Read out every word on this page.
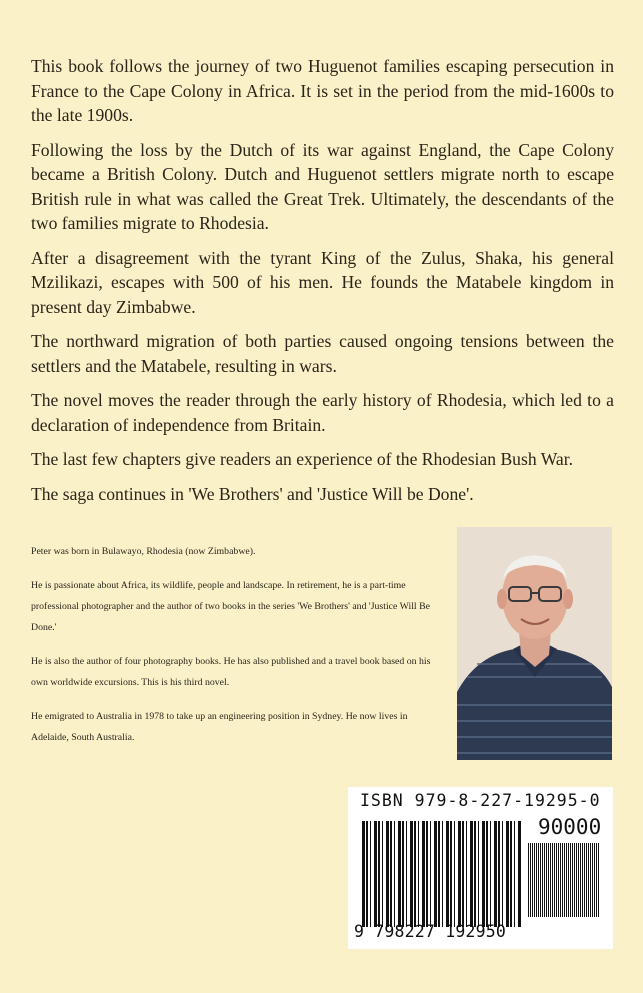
This book follows the journey of two Huguenot families escaping persecution in France to the Cape Colony in Africa. It is set in the period from the mid-1600s to the late 1900s.

Following the loss by the Dutch of its war against England, the Cape Colony became a British Colony. Dutch and Huguenot settlers migrate north to escape British rule in what was called the Great Trek. Ultimately, the descendants of the two families migrate to Rhodesia.

After a disagreement with the tyrant King of the Zulus, Shaka, his general Mzilikazi, escapes with 500 of his men. He founds the Matabele kingdom in present day Zimbabwe.

The northward migration of both parties caused ongoing tensions between the settlers and the Matabele, resulting in wars.

The novel moves the reader through the early history of Rhodesia, which led to a declaration of independence from Britain.

The last few chapters give readers an experience of the Rhodesian Bush War.

The saga continues in 'We Brothers' and 'Justice Will be Done'.

Peter was born in Bulawayo, Rhodesia (now Zimbabwe).

He is passionate about Africa, its wildlife, people and landscape. In retirement, he is a part-time professional photographer and the author of two books in the series 'We Brothers' and 'Justice Will Be Done.'

He is also the author of four photography books. He has also published and a travel book based on his own worldwide excursions. This is his third novel.

He emigrated to Australia in 1978 to take up an engineering position in Sydney. He now lives in Adelaide, South Australia.

ISBN 979-8-227-19295-0
90000
9 798227 192950
